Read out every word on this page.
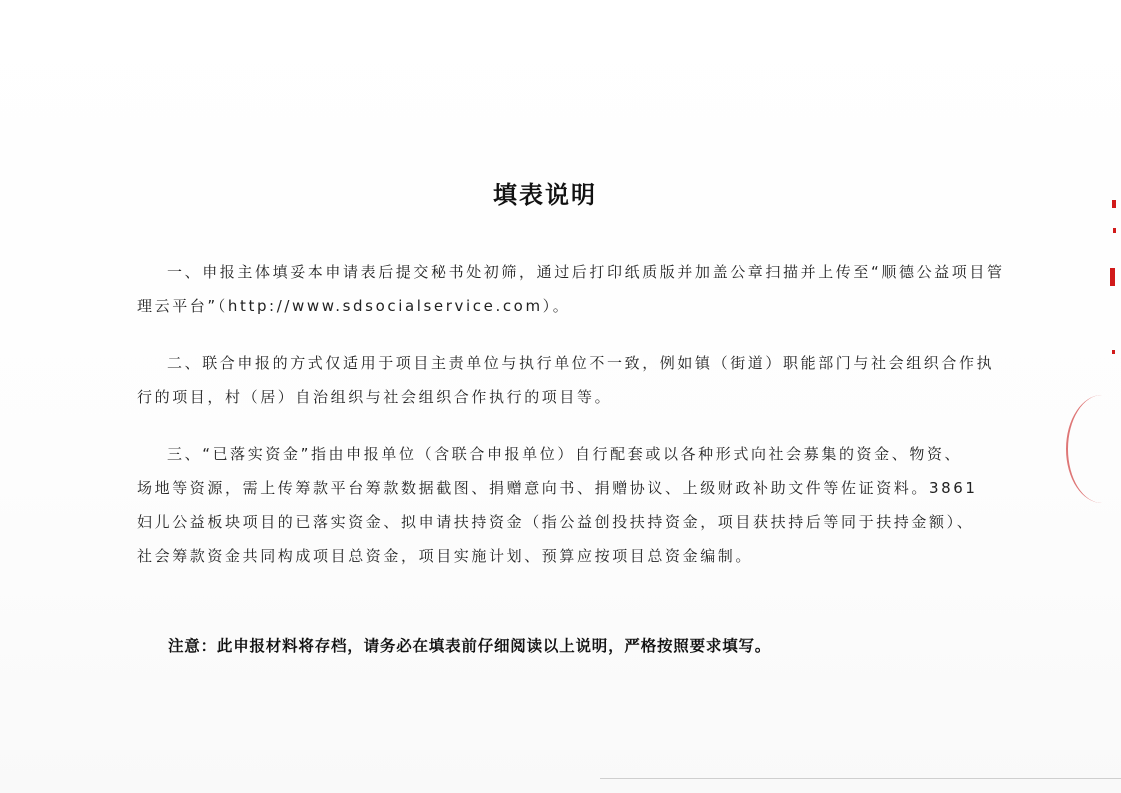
填表说明

一、申报主体填妥本申请表后提交秘书处初筛，通过后打印纸质版并加盖公章扫描并上传至“顺德公益项目管理云平台”（http://www.sdsocialservice.com）。

二、联合申报的方式仅适用于项目主责单位与执行单位不一致，例如镇（街道）职能部门与社会组织合作执行的项目，村（居）自治组织与社会组织合作执行的项目等。

三、“已落实资金”指由申报单位（含联合申报单位）自行配套或以各种形式向社会募集的资金、物资、
场地等资源，需上传筹款平台筹款数据截图、捐赠意向书、捐赠协议、上级财政补助文件等佐证资料。3861
妇儿公益板块项目的已落实资金、拟申请扶持资金（指公益创投扶持资金，项目获扶持后等同于扶持金额）、
社会筹款资金共同构成项目总资金，项目实施计划、预算应按项目总资金编制。

注意：此申报材料将存档，请务必在填表前仔细阅读以上说明，严格按照要求填写。
